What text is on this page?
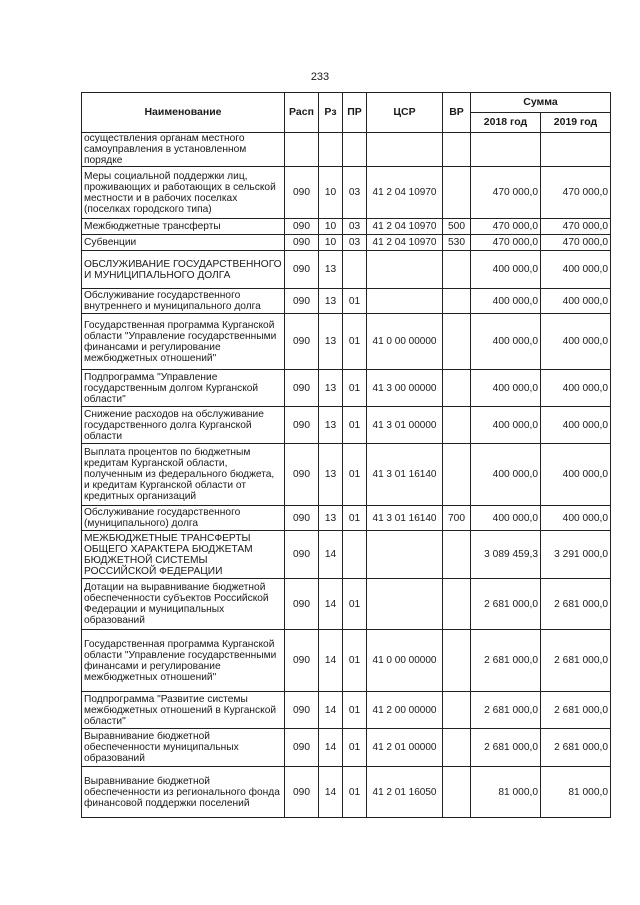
233
Наименование	Расп	Рз	ПР	ЦСР	ВР	Сумма	
						2018 год	2019 год
осуществления органам местного самоуправления в установленном порядке							
Меры социальной поддержки лиц, проживающих и работающих в сельской местности и в рабочих поселках (поселках городского типа)	090	10	03	41 2 04 10970		470 000,0	470 000,0
Межбюджетные трансферты	090	10	03	41 2 04 10970	500	470 000,0	470 000,0
Субвенции	090	10	03	41 2 04 10970	530	470 000,0	470 000,0
ОБСЛУЖИВАНИЕ ГОСУДАРСТВЕННОГО И МУНИЦИПАЛЬНОГО ДОЛГА	090	13				400 000,0	400 000,0
Обслуживание государственного внутреннего и муниципального долга	090	13	01			400 000,0	400 000,0
Государственная программа Курганской области "Управление государственными финансами и регулирование межбюджетных отношений"	090	13	01	41 0 00 00000		400 000,0	400 000,0
Подпрограмма "Управление государственным долгом Курганской области"	090	13	01	41 3 00 00000		400 000,0	400 000,0
Снижение расходов на обслуживание государственного долга Курганской области	090	13	01	41 3 01 00000		400 000,0	400 000,0
Выплата процентов по бюджетным кредитам Курганской области, полученным из федерального бюджета, и кредитам Курганской области от кредитных организаций	090	13	01	41 3 01 16140		400 000,0	400 000,0
Обслуживание государственного (муниципального) долга	090	13	01	41 3 01 16140	700	400 000,0	400 000,0
МЕЖБЮДЖЕТНЫЕ ТРАНСФЕРТЫ ОБЩЕГО ХАРАКТЕРА БЮДЖЕТАМ БЮДЖЕТНОЙ СИСТЕМЫ РОССИЙСКОЙ ФЕДЕРАЦИИ	090	14				3 089 459,3	3 291 000,0
Дотации на выравнивание бюджетной обеспеченности субъектов Российской Федерации и муниципальных образований	090	14	01			2 681 000,0	2 681 000,0
Государственная программа Курганской области "Управление государственными финансами и регулирование межбюджетных отношений"	090	14	01	41 0 00 00000		2 681 000,0	2 681 000,0
Подпрограмма "Развитие системы межбюджетных отношений в Курганской области"	090	14	01	41 2 00 00000		2 681 000,0	2 681 000,0
Выравнивание бюджетной обеспеченности муниципальных образований	090	14	01	41 2 01 00000		2 681 000,0	2 681 000,0
Выравнивание бюджетной обеспеченности из регионального фонда финансовой поддержки поселений	090	14	01	41 2 01 16050		81 000,0	81 000,0
